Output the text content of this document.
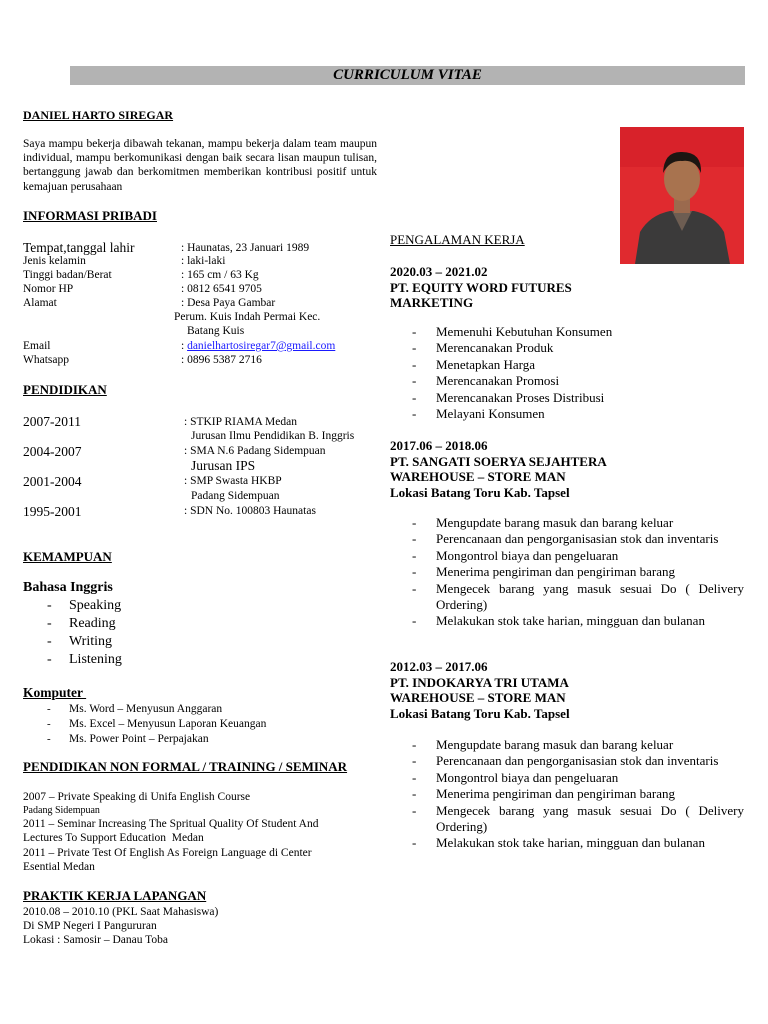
CURRICULUM VITAE
DANIEL HARTO SIREGAR
Saya mampu bekerja dibawah tekanan, mampu bekerja dalam team maupun individual, mampu berkomunikasi dengan baik secara lisan maupun tulisan, bertanggung jawab dan berkomitmen memberikan kontribusi positif untuk kemajuan perusahaan
INFORMASI PRIBADI
Tempat,tanggal lahir	: Haunatas, 23 Januari 1989
Jenis kelamin	: laki-laki
Tinggi badan/Berat	: 165 cm / 63 Kg
Nomor HP	: 0812 6541 9705
Alamat	: Desa Paya Gambar
Perum. Kuis Indah Permai Kec.
Batang Kuis
Email	: danielhartosiregar7@gmail.com
Whatsapp	: 0896 5387 2716
PENDIDIKAN
2007-2011	: STKIP RIAMA Medan
Jurusan Ilmu Pendidikan B. Inggris
2004-2007	: SMA N.6 Padang Sidempuan
Jurusan IPS
2001-2004	: SMP Swasta HKBP
Padang Sidempuan
1995-2001	: SDN No. 100803 Haunatas
KEMAMPUAN
Bahasa Inggris
- Speaking
- Reading
- Writing
- Listening
Komputer
- Ms. Word – Menyusun Anggaran
- Ms. Excel – Menyusun Laporan Keuangan
- Ms. Power Point – Perpajakan
PENDIDIKAN NON FORMAL / TRAINING / SEMINAR
2007 – Private Speaking di Unifa English Course
Padang Sidempuan
2011 – Seminar Increasing The Spritual Quality Of Student And
Lectures To Support Education  Medan
2011 – Private Test Of English As Foreign Language di Center
Esential Medan
PRAKTIK KERJA LAPANGAN
2010.08 – 2010.10 (PKL Saat Mahasiswa)
Di SMP Negeri I Pangururan
Lokasi : Samosir – Danau Toba
PENGALAMAN KERJA
2020.03 – 2021.02
PT. EQUITY WORD FUTURES
MARKETING
- Memenuhi Kebutuhan Konsumen
- Merencanakan Produk
- Menetapkan Harga
- Merencanakan Promosi
- Merencanakan Proses Distribusi
- Melayani Konsumen
2017.06 – 2018.06
PT. SANGATI SOERYA SEJAHTERA
WAREHOUSE – STORE MAN
Lokasi Batang Toru Kab. Tapsel
- Mengupdate barang masuk dan barang keluar
- Perencanaan dan pengorganisasian stok dan inventaris
- Mongontrol biaya dan pengeluaran
- Menerima pengiriman dan pengiriman barang
- Mengecek barang yang masuk sesuai Do ( Delivery Ordering)
- Melakukan stok take harian, mingguan dan bulanan
2012.03 – 2017.06
PT. INDOKARYA TRI UTAMA
WAREHOUSE – STORE MAN
Lokasi Batang Toru Kab. Tapsel
- Mengupdate barang masuk dan barang keluar
- Perencanaan dan pengorganisasian stok dan inventaris
- Mongontrol biaya dan pengeluaran
- Menerima pengiriman dan pengiriman barang
- Mengecek barang yang masuk sesuai Do ( Delivery Ordering)
- Melakukan stok take harian, mingguan dan bulanan
